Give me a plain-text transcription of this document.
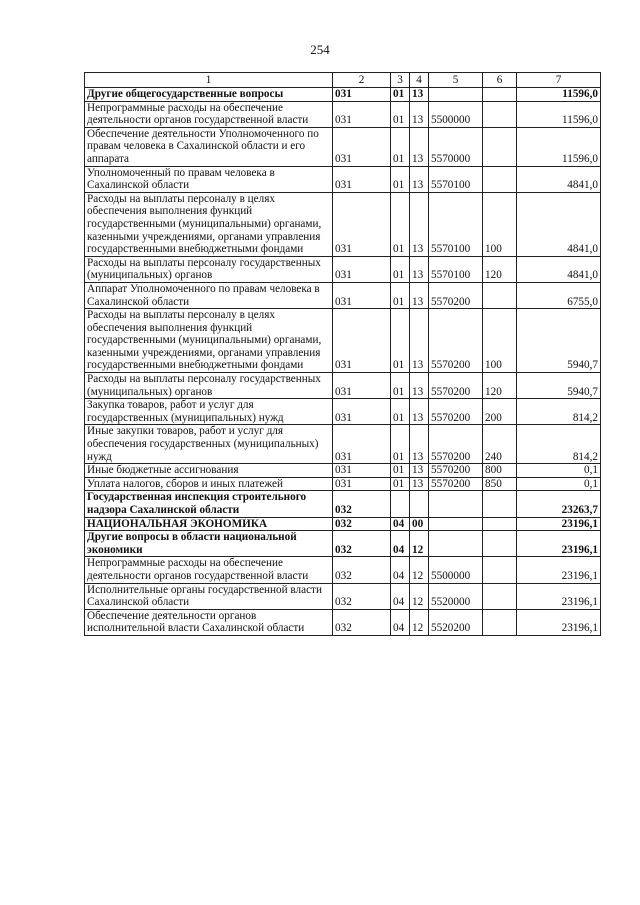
254
1	2	3	4	5	6	7
Другие общегосударственные вопросы	031	01	13			11596,0
Непрограммные расходы на обеспечение деятельности органов государственной власти	031	01	13	5500000		11596,0
Обеспечение деятельности Уполномоченного по правам человека в Сахалинской области и его аппарата	031	01	13	5570000		11596,0
Уполномоченный по правам человека в Сахалинской области	031	01	13	5570100		4841,0
Расходы на выплаты персоналу в целях обеспечения выполнения функций государственными (муниципальными) органами, казенными учреждениями, органами управления государственными внебюджетными фондами	031	01	13	5570100	100	4841,0
Расходы на выплаты персоналу государственных (муниципальных) органов	031	01	13	5570100	120	4841,0
Аппарат Уполномоченного по правам человека в Сахалинской области	031	01	13	5570200		6755,0
Расходы на выплаты персоналу в целях обеспечения выполнения функций государственными (муниципальными) органами, казенными учреждениями, органами управления государственными внебюджетными фондами	031	01	13	5570200	100	5940,7
Расходы на выплаты персоналу государственных (муниципальных) органов	031	01	13	5570200	120	5940,7
Закупка товаров, работ и услуг для государственных (муниципальных) нужд	031	01	13	5570200	200	814,2
Иные закупки товаров, работ и услуг для обеспечения государственных (муниципальных) нужд	031	01	13	5570200	240	814,2
Иные бюджетные ассигнования	031	01	13	5570200	800	0,1
Уплата налогов, сборов и иных платежей	031	01	13	5570200	850	0,1
Государственная инспекция строительного надзора Сахалинской области	032					23263,7
НАЦИОНАЛЬНАЯ ЭКОНОМИКА	032	04	00			23196,1
Другие вопросы в области национальной экономики	032	04	12			23196,1
Непрограммные расходы на обеспечение деятельности органов государственной власти	032	04	12	5500000		23196,1
Исполнительные органы государственной власти Сахалинской области	032	04	12	5520000		23196,1
Обеспечение деятельности органов исполнительной власти Сахалинской области	032	04	12	5520200		23196,1
